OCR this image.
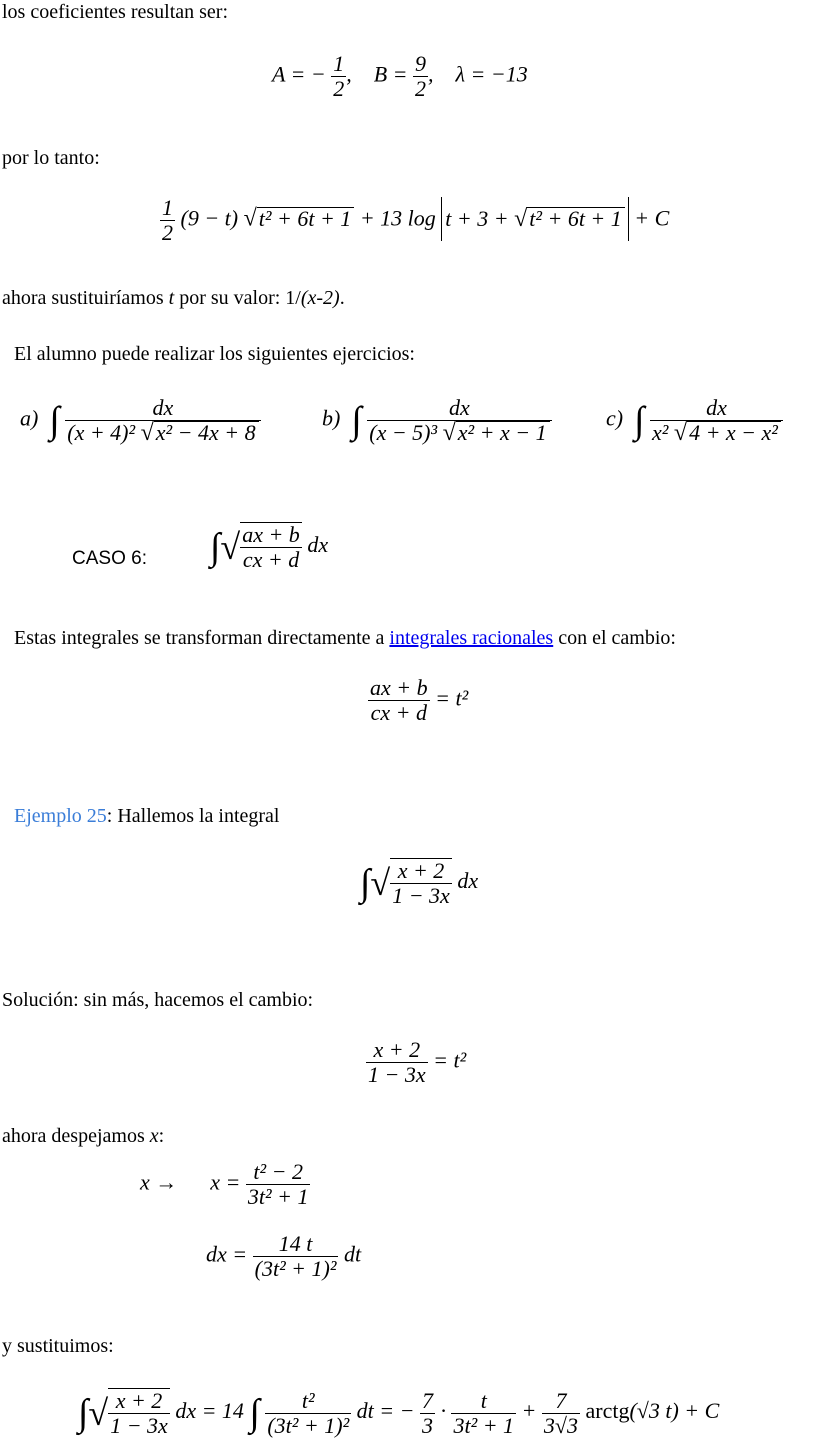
los coeficientes resultan ser:
A = − $\frac{1}{2}$ ,    $B = \frac{9}{2}$ ,    λ = −13
por lo tanto:
$\frac{1}{2} (9 - t) √t^2 + 6t + 1 + 13$ log t + 3 + √t² + 6t + 1 + C
ahora sustituiríamos t por su valor: 1/(x-2).
El alumno puede realizar los siguientes ejercicios:
a) ∫ $\frac{dx}{\text{(x + 4)² √x² − 4x + 8}}$	b) ∫ $\frac{dx}{\text{(x − 5)³ √x² + x − 1}} c$) ∫ $\frac{dx}{\text{x² √4 + x − x²}}$
CASO 6: ∫√ $\frac{ax + b}{cx + d}$ dx
Estas integrales se transforman directamente a integrales racionales con el cambio:
$\frac{ax + b}{cx + d} = t^2$
Ejemplo 25: Hallemos la integral
∫√ $\frac{x + 2}{1 - 3x}$ dx
Solución: sin más, hacemos el cambio:
$\frac{x + 2}{1 - 3x} = t^2$
ahora despejamos x:
$x \to x = \frac{\text{t² − 2}}{\text{3t² + 1}}$
dx = $\frac{14 t}{\text{(3t² + 1)²}}$ dt
y sustituimos:
∫√ $\frac{x + 2}{1 - 3x}$ dx = 14 ∫ $\frac{\text{t²}}{\text{(3t² + 1)²}}$ dt = − $\frac{7}{3} \cdot \frac{t}{\text{3t² + 1}} + \frac{7}{3√3}$ arctg(√3 t) + C
